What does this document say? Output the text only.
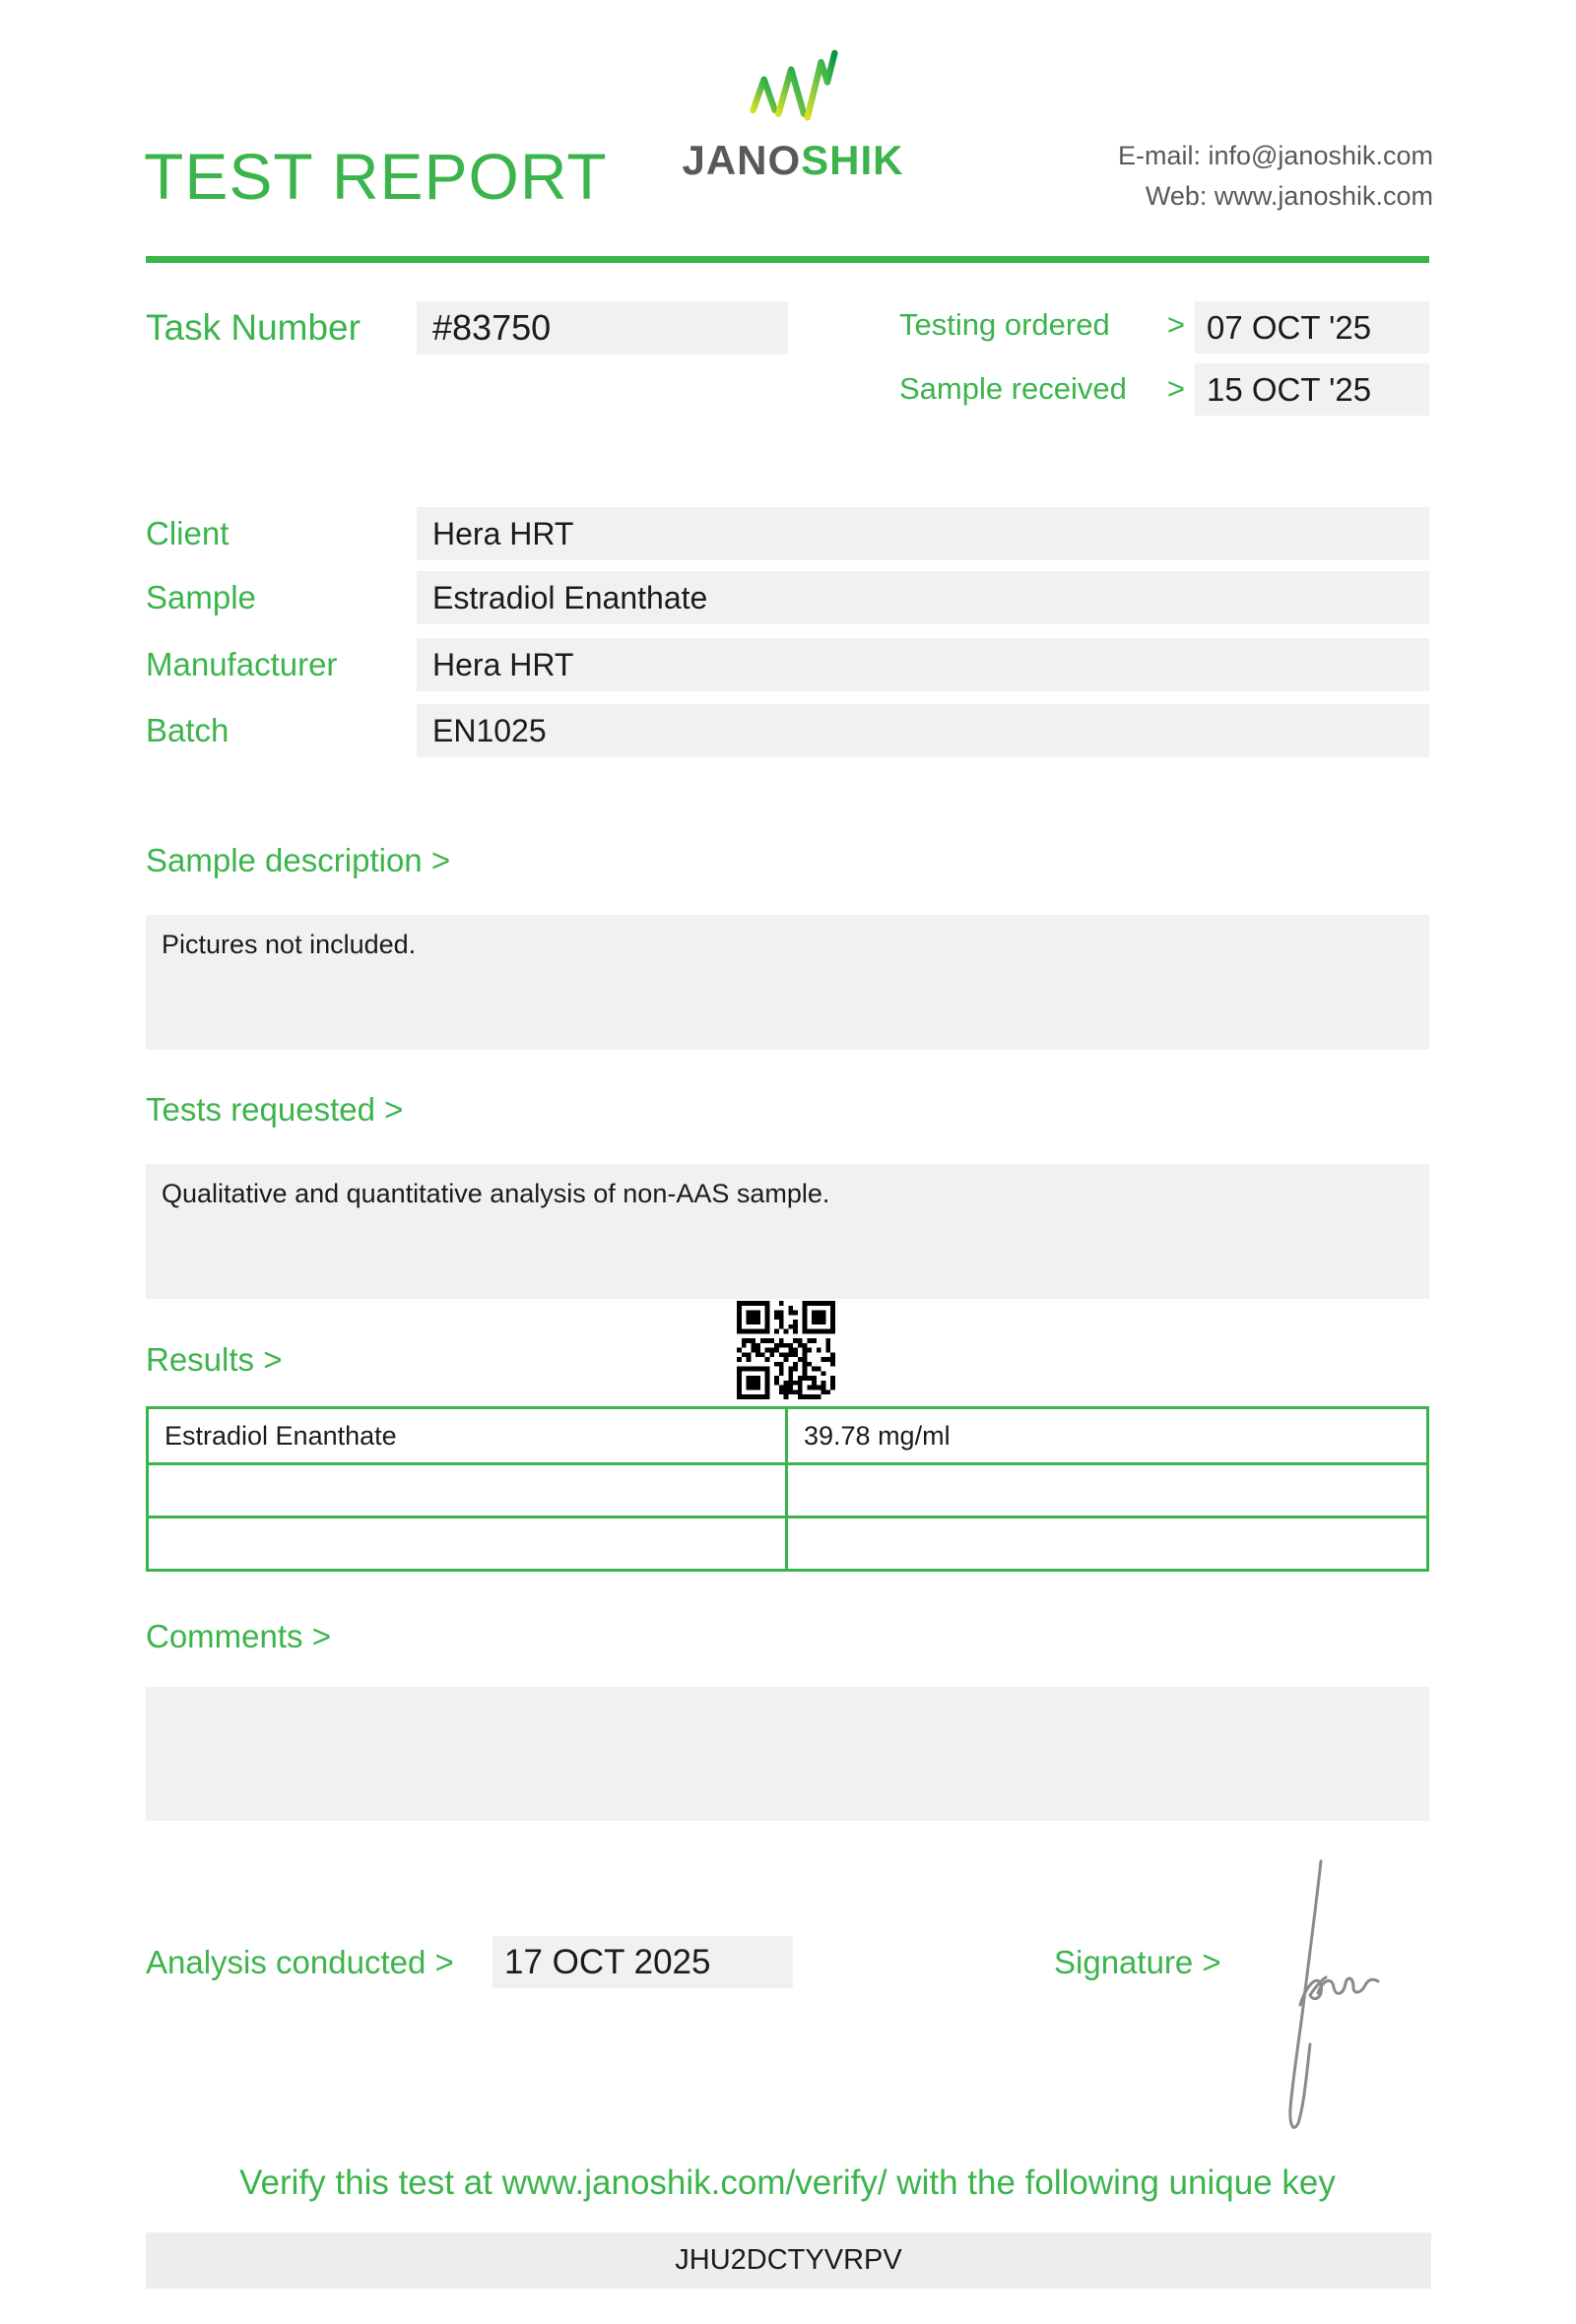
TEST REPORT JANOSHIK	E-mail: info@janoshik.com
Web: www.janoshik.com
Task Number	#83750	Testing ordered > 07 OCT '25
Sample received > 15 OCT '25
Client	Hera HRT
Sample	Estradiol Enanthate
Manufacturer	Hera HRT
Batch	EN1025
Sample description >
Pictures not included.
Tests requested >
Qualitative and quantitative analysis of non-AAS sample.
Results >
Estradiol Enanthate	39.78 mg/ml
Comments >
Analysis conducted >	17 OCT 2025	Signature >
Verify this test at www.janoshik.com/verify/ with the following unique key
JHU2DCTYVRPV
